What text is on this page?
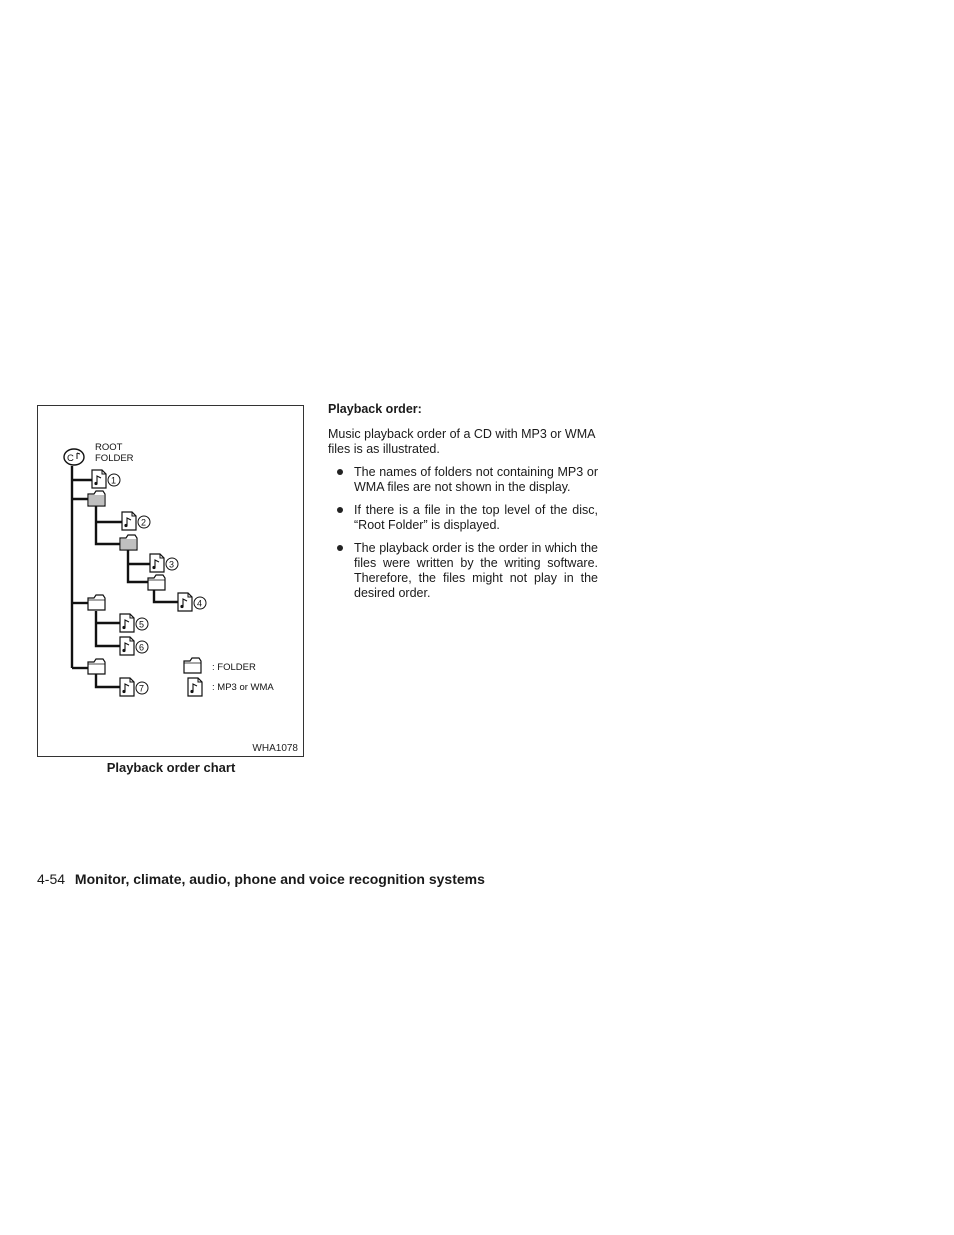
C
ROOT
FOLDER
1
2
3
4
5
6
7
: FOLDER
: MP3 or WMA
WHA1078
Playback order chart

Playback order:

Music playback order of a CD with MP3 or WMA files is as illustrated.

The names of folders not containing MP3 or WMA files are not shown in the display.
If there is a file in the top level of the disc, “Root Folder” is displayed.
The playback order is the order in which the files were written by the writing software. Therefore, the files might not play in the desired order.
4-54 Monitor, climate, audio, phone and voice recognition systems
